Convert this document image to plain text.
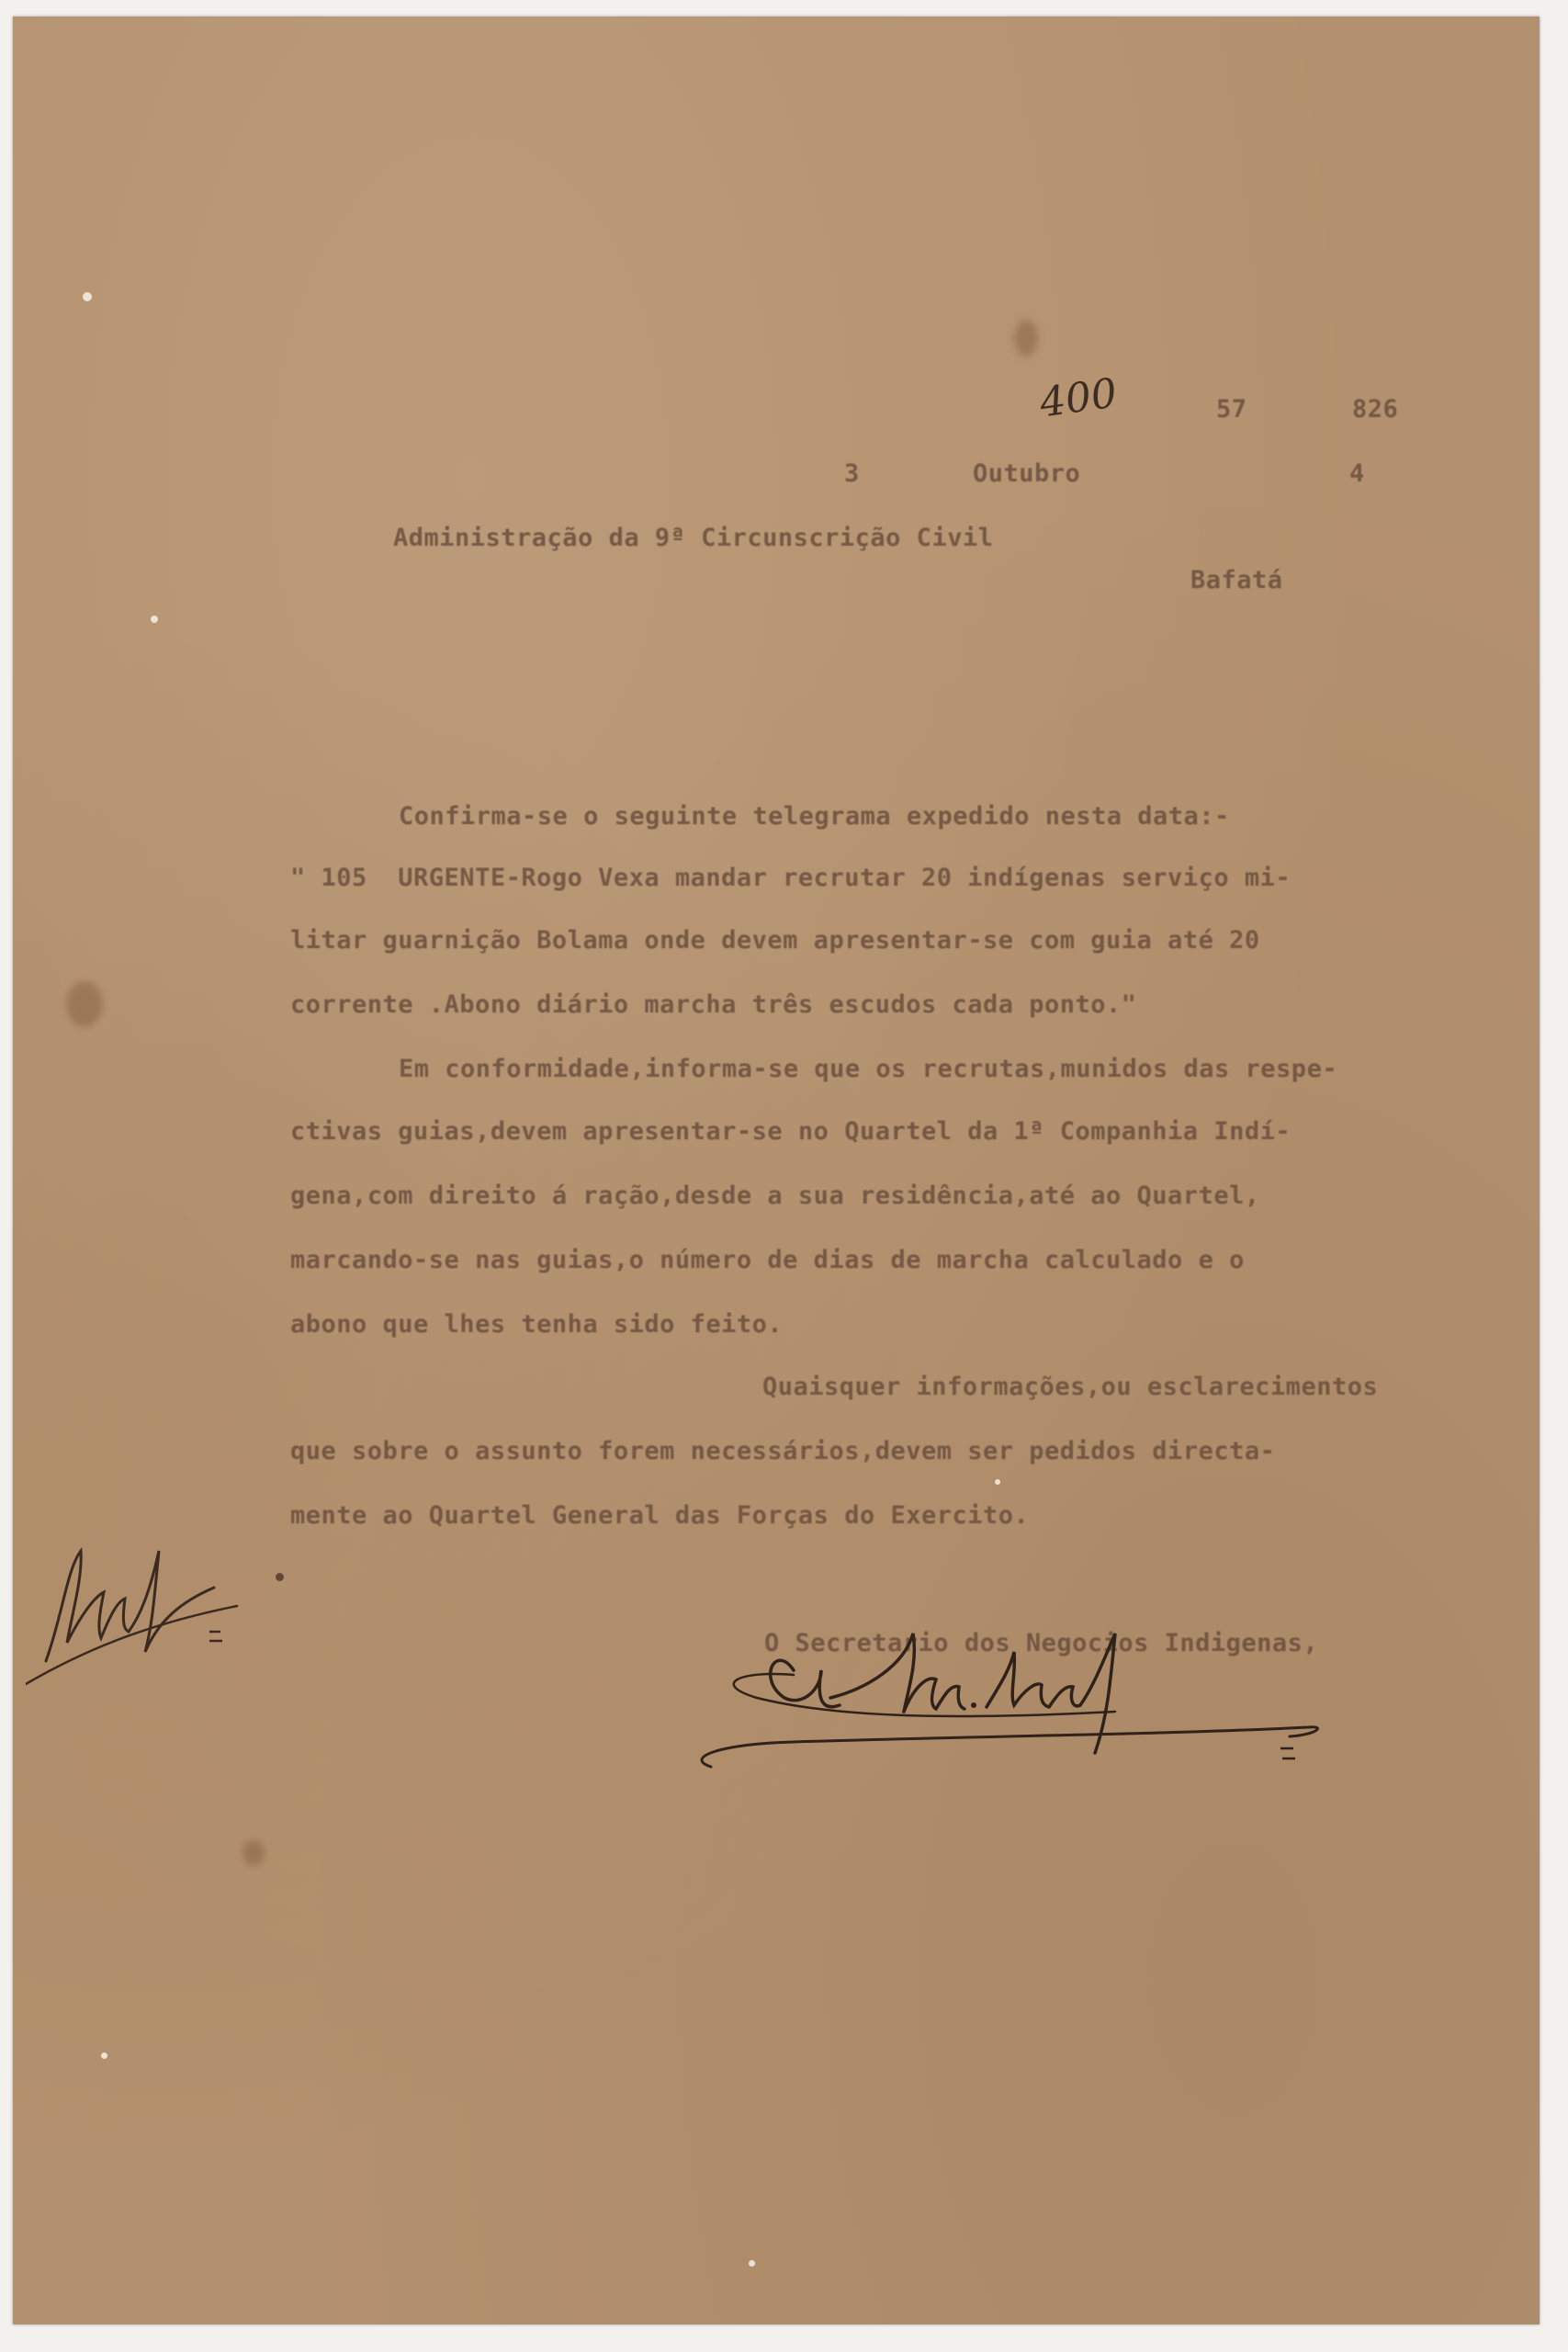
400	57	826
3	Outubro	4
Administração da 9ª Circunscrição Civil
Bafatá
Confirma-se o seguinte telegrama expedido nesta data:-
" 105  URGENTE-Rogo Vexa mandar recrutar 20 indígenas serviço mi-
litar guarnição Bolama onde devem apresentar-se com guia até 20
corrente .Abono diário marcha três escudos cada ponto."
Em conformidade,informa-se que os recrutas,munidos das respe-
ctivas guias,devem apresentar-se no Quartel da 1ª Companhia Indí-
gena,com direito á ração,desde a sua residência,até ao Quartel,
marcando-se nas guias,o número de dias de marcha calculado e o
abono que lhes tenha sido feito.
Quaisquer informações,ou esclarecimentos
que sobre o assunto forem necessários,devem ser pedidos directa-
mente ao Quartel General das Forças do Exercito.
O Secretario dos Negocios Indigenas,
